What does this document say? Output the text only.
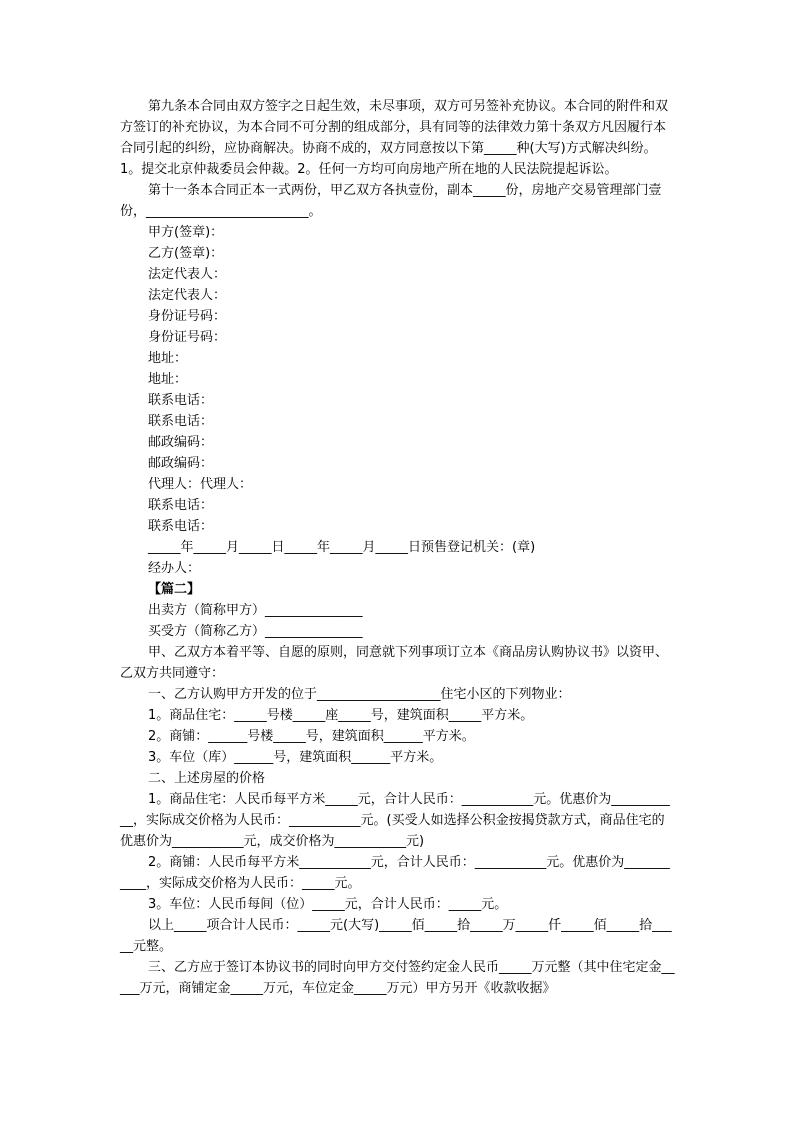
第九条本合同由双方签字之日起生效，未尽事项，双方可另签补充协议。本合同的附件和双方签订的补充协议，为本合同不可分割的组成部分，具有同等的法律效力第十条双方凡因履行本合同引起的纠纷，应协商解决。协商不成的，双方同意按以下第_____种(大写)方式解决纠纷。1。提交北京仲裁委员会仲裁。2。任何一方均可向房地产所在地的人民法院提起诉讼。

第十一条本合同正本一式两份，甲乙双方各执壹份，副本_____份，房地产交易管理部门壹份，_________________________。

甲方(签章)：

乙方(签章)：

法定代表人：

法定代表人：

身份证号码：

身份证号码：

地址：

地址：

联系电话：

联系电话：

邮政编码：

邮政编码：

代理人：代理人：

联系电话：

联系电话：

_____年_____月_____日_____年_____月_____日预售登记机关：(章)

经办人：

【篇二】

出卖方（简称甲方）_______________

买受方（简称乙方）_______________

甲、乙双方本着平等、自愿的原则，同意就下列事项订立本《商品房认购协议书》以资甲、乙双方共同遵守：

一、乙方认购甲方开发的位于___________________住宅小区的下列物业：

1。商品住宅：_____号楼_____座_____号，建筑面积_____平方米。

2。商铺：______号楼_____号，建筑面积______平方米。

3。车位（库）______号，建筑面积______平方米。

二、上述房屋的价格

1。商品住宅：人民币每平方米_____元，合计人民币：___________元。优惠价为___________，实际成交价格为人民币：___________元。(买受人如选择公积金按揭贷款方式，商品住宅的优惠价为___________元，成交价格为___________元)

2。商铺：人民币每平方米___________元，合计人民币：___________元。优惠价为___________，实际成交价格为人民币：_____元。

3。车位：人民币每间（位）_____元，合计人民币：_____元。

以上_____项合计人民币：_____元(大写)_____佰_____拾_____万_____仟_____佰_____拾_____元整。

三、乙方应于签订本协议书的同时向甲方交付签约定金人民币_____万元整（其中住宅定金_____万元，商铺定金_____万元，车位定金_____万元）甲方另开《收款收据》
